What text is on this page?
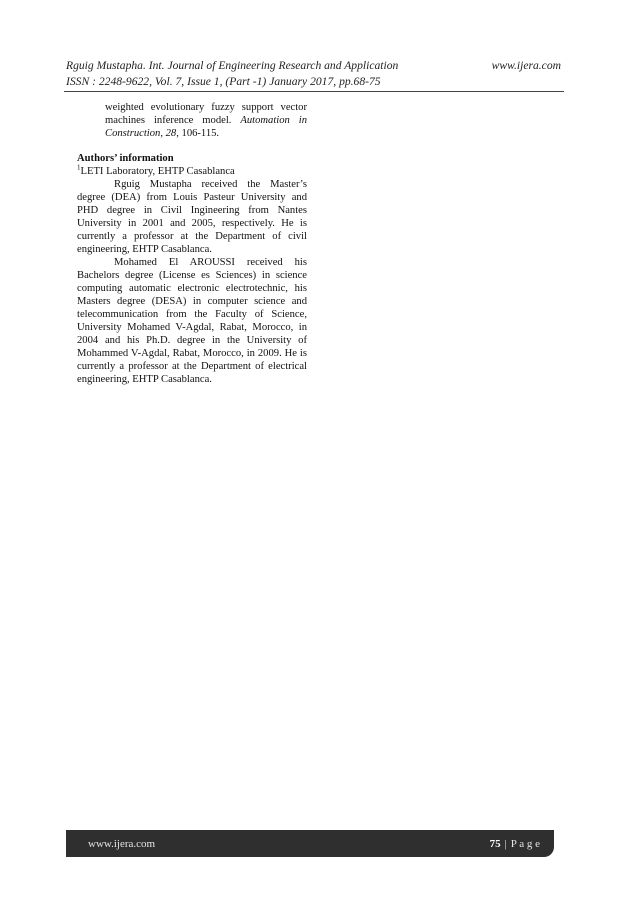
Rguig Mustapha. Int. Journal of Engineering Research and Application	www.ijera.com
ISSN : 2248-9622, Vol. 7, Issue 1, (Part -1) January 2017, pp.68-75

weighted evolutionary fuzzy support vector machines inference model. Automation in Construction, 28, 106-115.

Authors’ information

$^1$LETI Laboratory, EHTP Casablanca

Rguig Mustapha received the Master’s degree (DEA) from Louis Pasteur University and PHD degree in Civil Ingineering from Nantes University in 2001 and 2005, respectively. He is currently a professor at the Department of civil engineering, EHTP Casablanca.

Mohamed El AROUSSI received his Bachelors degree (License es Sciences) in science computing automatic electronic electrotechnic, his Masters degree (DESA) in computer science and telecommunication from the Faculty of Science, University Mohamed V-Agdal, Rabat, Morocco, in 2004 and his Ph.D. degree in the University of Mohammed V-Agdal, Rabat, Morocco, in 2009. He is currently a professor at the Department of electrical engineering, EHTP Casablanca.

www.ijera.com	75 | P a g e
